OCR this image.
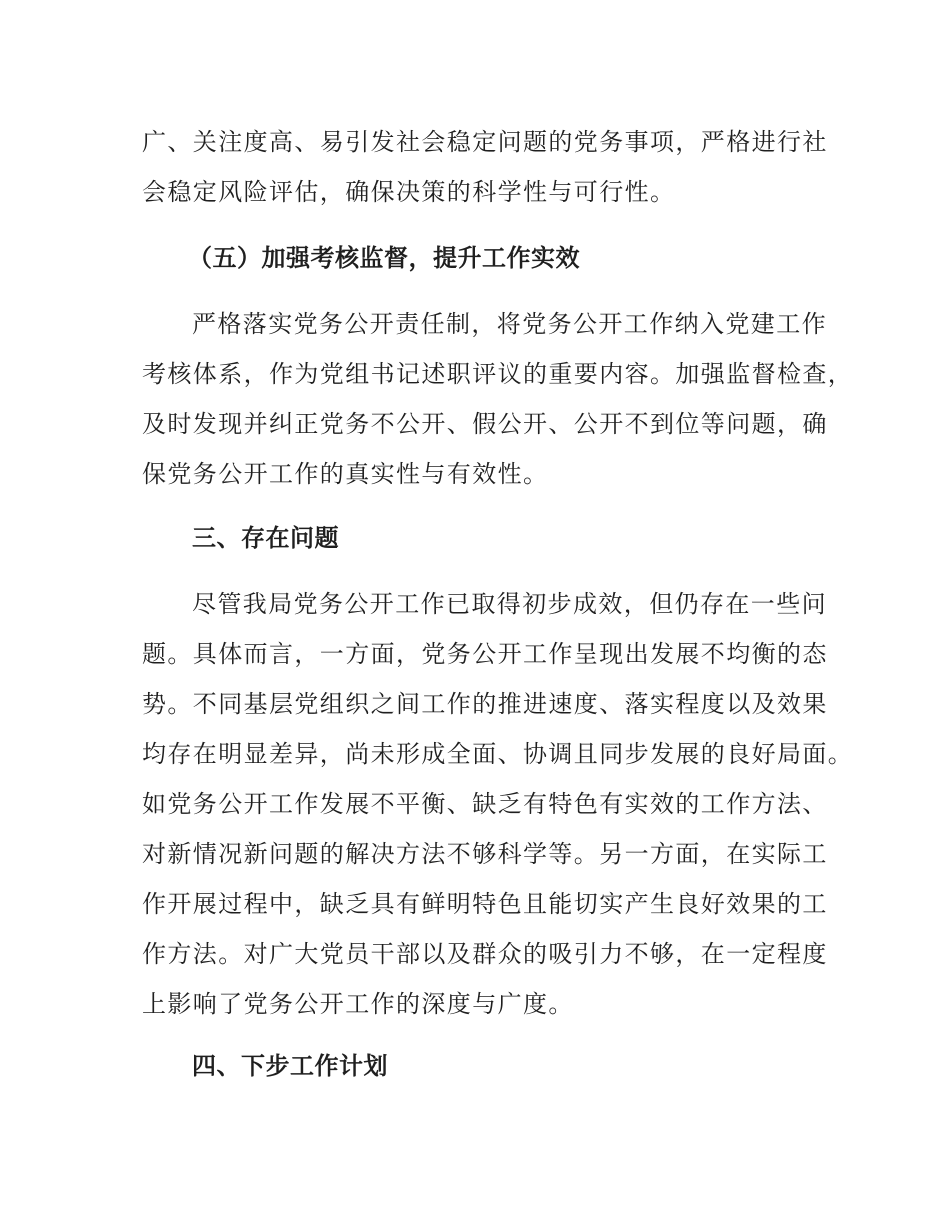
广、关注度高、易引发社会稳定问题的党务事项，严格进行社

会稳定风险评估，确保决策的科学性与可行性。

（五）加强考核监督，提升工作实效

严格落实党务公开责任制，将党务公开工作纳入党建工作

考核体系，作为党组书记述职评议的重要内容。加强监督检查，

及时发现并纠正党务不公开、假公开、公开不到位等问题，确

保党务公开工作的真实性与有效性。

三、存在问题

尽管我局党务公开工作已取得初步成效，但仍存在一些问

题。具体而言，一方面，党务公开工作呈现出发展不均衡的态

势。不同基层党组织之间工作的推进速度、落实程度以及效果

均存在明显差异，尚未形成全面、协调且同步发展的良好局面。

如党务公开工作发展不平衡、缺乏有特色有实效的工作方法、

对新情况新问题的解决方法不够科学等。另一方面，在实际工

作开展过程中，缺乏具有鲜明特色且能切实产生良好效果的工

作方法。对广大党员干部以及群众的吸引力不够，在一定程度

上影响了党务公开工作的深度与广度。

四、下步工作计划
